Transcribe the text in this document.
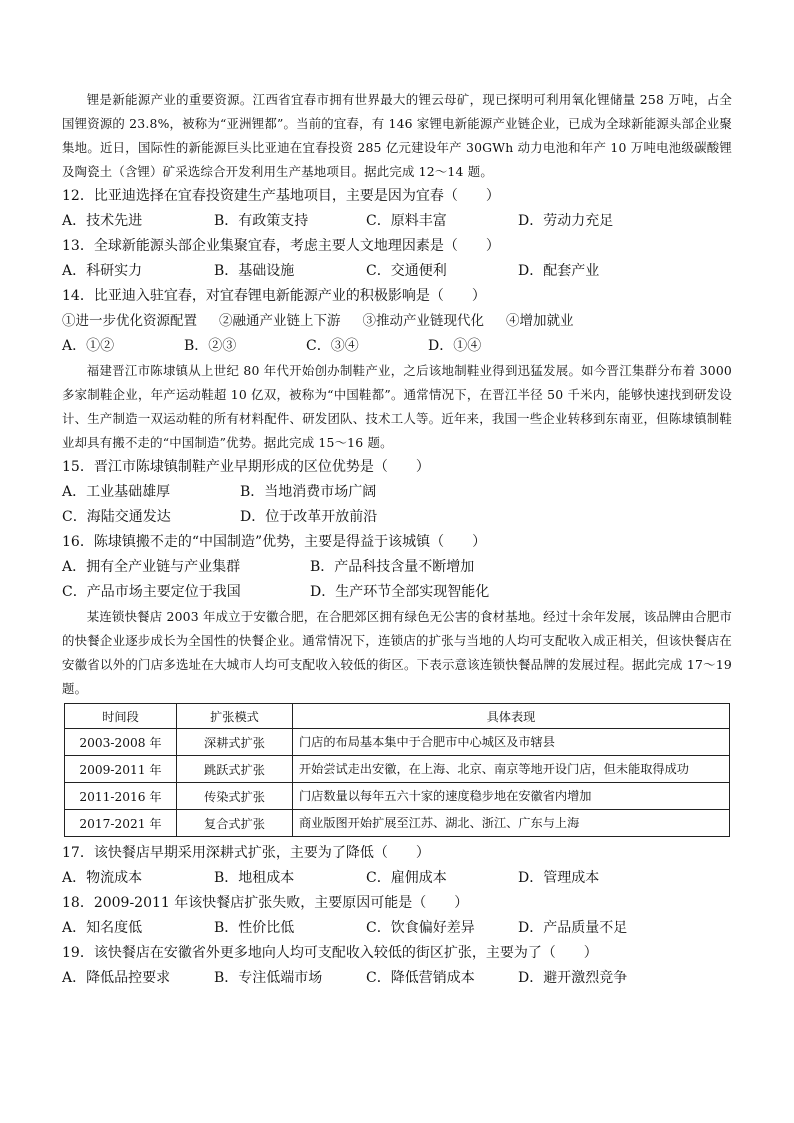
锂是新能源产业的重要资源。江西省宜春市拥有世界最大的锂云母矿，现已探明可利用氧化锂储量 258 万吨，占全国锂资源的 23.8%，被称为“亚洲锂都”。当前的宜春，有 146 家锂电新能源产业链企业，已成为全球新能源头部企业聚集地。近日，国际性的新能源巨头比亚迪在宜春投资 285 亿元建设年产 30GWh 动力电池和年产 10 万吨电池级碳酸锂及陶瓷土（含锂）矿采选综合开发利用生产基地项目。据此完成 12～14 题。

12．比亚迪选择在宜春投资建生产基地项目，主要是因为宜春（　　）

A．技术先进	B．有政策支持	C．原料丰富	D．劳动力充足

13．全球新能源头部企业集聚宜春，考虑主要人文地理因素是（　　）

A．科研实力	B．基础设施	C．交通便利	D．配套产业

14．比亚迪入驻宜春，对宜春锂电新能源产业的积极影响是（　　）

①进一步优化资源配置 ②融通产业链上下游 ③推动产业链现代化 ④增加就业
A．①②	B．②③	C．③④	D．①④

福建晋江市陈埭镇从上世纪 80 年代开始创办制鞋产业，之后该地制鞋业得到迅猛发展。如今晋江集群分布着 3000 多家制鞋企业，年产运动鞋超 10 亿双，被称为“中国鞋都”。通常情况下，在晋江半径 50 千米内，能够快速找到研发设计、生产制造一双运动鞋的所有材料配件、研发团队、技术工人等。近年来，我国一些企业转移到东南亚，但陈埭镇制鞋业却具有搬不走的“中国制造”优势。据此完成 15～16 题。

15．晋江市陈埭镇制鞋产业早期形成的区位优势是（　　）

A．工业基础雄厚	B．当地消费市场广阔
C．海陆交通发达	D．位于改革开放前沿

16．陈埭镇搬不走的“中国制造”优势，主要是得益于该城镇（　　）

A．拥有全产业链与产业集群	B．产品科技含量不断增加
C．产品市场主要定位于我国	D．生产环节全部实现智能化

某连锁快餐店 2003 年成立于安徽合肥，在合肥郊区拥有绿色无公害的食材基地。经过十余年发展，该品牌由合肥市的快餐企业逐步成长为全国性的快餐企业。通常情况下，连锁店的扩张与当地的人均可支配收入成正相关，但该快餐店在安徽省以外的门店多选址在大城市人均可支配收入较低的街区。下表示意该连锁快餐品牌的发展过程。据此完成 17～19 题。

时间段	扩张模式	具体表现
2003-2008 年	深耕式扩张	门店的布局基本集中于合肥市中心城区及市辖县
2009-2011 年	跳跃式扩张	开始尝试走出安徽，在上海、北京、南京等地开设门店，但未能取得成功
2011-2016 年	传染式扩张	门店数量以每年五六十家的速度稳步地在安徽省内增加
2017-2021 年	复合式扩张	商业版图开始扩展至江苏、湖北、浙江、广东与上海

17．该快餐店早期采用深耕式扩张，主要为了降低（　　）

A．物流成本	B．地租成本	C．雇佣成本	D．管理成本

18．2009-2011 年该快餐店扩张失败，主要原因可能是（　　）

A．知名度低	B．性价比低	C．饮食偏好差异	D．产品质量不足

19．该快餐店在安徽省外更多地向人均可支配收入较低的街区扩张，主要为了（　　）

A．降低品控要求	B．专注低端市场	C．降低营销成本	D．避开激烈竞争
